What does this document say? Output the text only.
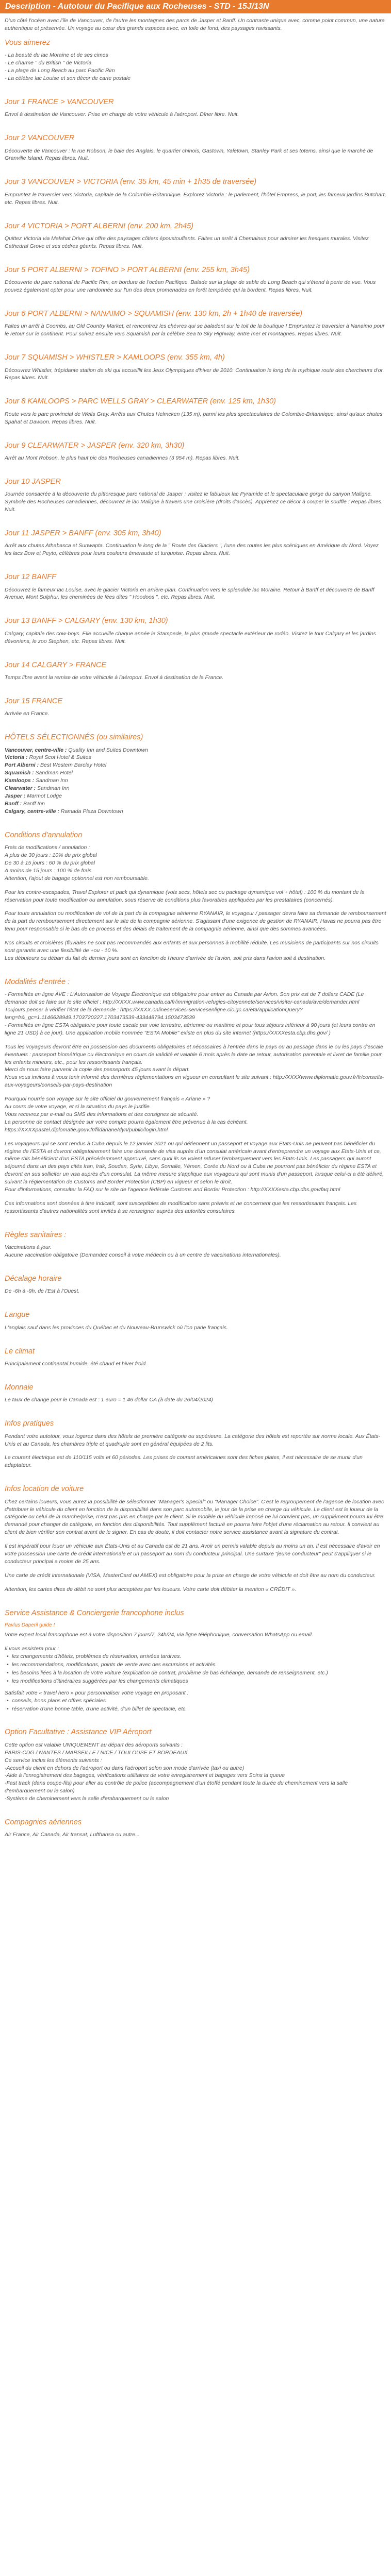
Description - Autotour du Pacifique aux Rocheuses - STD - 15J/13N

D'un côté l'océan avec l'île de Vancouver, de l'autre les montagnes des parcs de Jasper et Banff. Un contraste unique avec, comme point commun, une nature authentique et préservée. Un voyage au cœur des grands espaces avec, en toile de fond, des paysages ravissants.

Vous aimerez

- La beauté du lac Moraine et de ses cimes

- Le charme " du British " de Victoria

- La plage de Long Beach au parc Pacific Rim

- La célèbre lac Louise et son décor de carte postale

Jour 1 FRANCE > VANCOUVER

Envol à destination de Vancouver. Prise en charge de votre véhicule à l'aéroport. Dîner libre. Nuit.

Jour 2 VANCOUVER

Découverte de Vancouver : la rue Robson, le baie des Anglais, le quartier chinois, Gastown, Yaletown, Stanley Park et ses totems, ainsi que le marché de Granville Island. Repas libres. Nuit.

Jour 3 VANCOUVER > VICTORIA (env. 35 km, 45 min + 1h35 de traversée)

Empruntez le traversier vers Victoria, capitale de la Colombie-Britannique. Explorez Victoria : le parlement, l'hôtel Empress, le port, les fameux jardins Butchart, etc. Repas libres. Nuit.

Jour 4 VICTORIA > PORT ALBERNI (env. 200 km, 2h45)

Quittez Victoria via Malahat Drive qui offre des paysages côtiers époustouflants. Faites un arrêt à Chemainus pour admirer les fresques murales. Visitez Cathedral Grove et ses cèdres géants. Repas libres. Nuit.

Jour 5 PORT ALBERNI > TOFINO > PORT ALBERNI (env. 255 km, 3h45)

Découverte du parc national de Pacific Rim, en bordure de l'océan Pacifique. Balade sur la plage de sable de Long Beach qui s'étend à perte de vue. Vous pouvez également opter pour une randonnée sur l'un des deux promenades en forêt tempérée qui la bordent. Repas libres. Nuit.

Jour 6 PORT ALBERNI > NANAIMO > SQUAMISH (env. 130 km, 2h + 1h40 de traversée)

Faites un arrêt à Coombs, au Old Country Market, et rencontrez les chèvres qui se baladent sur le toit de la boutique ! Empruntez le traversier à Nanaimo pour le retour sur le continent. Pour suivez ensuite vers Squamish par la célèbre Sea to Sky Highway, entre mer et montagnes. Repas libres. Nuit.

Jour 7 SQUAMISH > WHISTLER > KAMLOOPS (env. 355 km, 4h)

Découvrez Whistler, trépidante station de ski qui accueillit les Jeux Olympiques d'hiver de 2010. Continuation le long de la mythique route des chercheurs d'or. Repas libres. Nuit.

Jour 8 KAMLOOPS > PARC WELLS GRAY > CLEARWATER (env. 125 km, 1h30)

Route vers le parc provincial de Wells Gray. Arrêts aux Chutes Helmcken (135 m), parmi les plus spectaculaires de Colombie-Britannique, ainsi qu'aux chutes Spahat et Dawson. Repas libres. Nuit.

Jour 9 CLEARWATER > JASPER (env. 320 km, 3h30)

Arrêt au Mont Robson, le plus haut pic des Rocheuses canadiennes (3 954 m). Repas libres. Nuit.

Jour 10 JASPER

Journée consacrée à la découverte du pittoresque parc national de Jasper : visitez le fabuleux lac Pyramide et le spectaculaire gorge du canyon Maligne. Symbole des Rocheuses canadiennes, découvrez le lac Maligne à travers une croisière (droits d'accès). Apprenez ce décor à couper le souffle ! Repas libres. Nuit.

Jour 11 JASPER > BANFF (env. 305 km, 3h40)

Arrêt aux chutes Athabasca et Sunwapta. Continuation le long de la " Route des Glaciers ", l'une des routes les plus scéniques en Amérique du Nord. Voyez les lacs Bow et Peyto, célèbres pour leurs couleurs émeraude et turquoise. Repas libres. Nuit.

Jour 12 BANFF

Découvrez le fameux lac Louise, avec le glacier Victoria en arrière-plan. Continuation vers le splendide lac Moraine. Retour à Banff et découverte de Banff Avenue, Mont Sulphur, les cheminées de fées dites " Hoodoos ", etc. Repas libres. Nuit.

Jour 13 BANFF > CALGARY (env. 130 km, 1h30)

Calgary, capitale des cow-boys. Elle accueille chaque année le Stampede, la plus grande spectacle extérieur de rodéo. Visitez le tour Calgary et les jardins dévoniens, le zoo Stephen, etc. Repas libres. Nuit.

Jour 14 CALGARY > FRANCE

Temps libre avant la remise de votre véhicule à l'aéroport. Envol à destination de la France.

Jour 15 FRANCE

Arrivée en France.

HÔTELS SÉLECTIONNÉS (ou similaires)

Vancouver, centre-ville : Quality Inn and Suites Downtown

Victoria : Royal Scot Hotel & Suites

Port Alberni : Best Western Barclay Hotel

Squamish : Sandman Hotel

Kamloops : Sandman Inn

Clearwater : Sandman Inn

Jasper : Marmot Lodge

Banff : Banff Inn

Calgary, centre-ville : Ramada Plaza Downtown

Conditions d'annulation

Frais de modifications / annulation :

A plus de 30 jours : 10% du prix global

De 30 à 15 jours : 60 % du prix global

A moins de 15 jours : 100 % de frais

Attention, l'ajout de bagage optionnel est non remboursable.

Pour les contre-escapades, Travel Explorer et pack qui dynamique (vols secs, hôtels sec ou package dynamique vol + hôtel) : 100 % du montant de la réservation pour toute modification ou annulation, sous réserve de conditions plus favorables appliquées par les prestataires (concernés).

Pour toute annulation ou modification de vol de la part de la compagnie aérienne RYANAIR, le voyageur / passager devra faire sa demande de remboursement de la part du remboursement directement sur le site de la compagnie aérienne. S'agissant d'une exigence de gestion de RYANAIR, Havas ne pourra pas être tenu pour responsable si le bas de ce process et des délais de traitement de la compagnie aérienne, ainsi que des sommes avancées.

Nos circuits et croisières (fluviales ne sont pas recommandés aux enfants et aux personnes à mobilité réduite. Les musiciens de participants sur nos circuits sont garantis avec une flexibilité de +ou - 10 %.

Les débuteurs ou débarr du fait de dernier jours sont en fonction de l'heure d'arrivée de l'avion, soit pris dans l'avion soit à destination.

Modalités d'entrée :

- Formalités en ligne AVE : L'Autorisation de Voyage Électronique est obligatoire pour entrer au Canada par Avion. Son prix est de 7 dollars CADE (Le demande doit se faire sur le site officiel : http://XXXX.www.canada.ca/fr/immigration-refugies-citoyennete/services/visiter-canada/ave/demander.html

Toujours penser à vérifier l'état de la demande : https://XXXX.onlineservices-servicesenligne.cic.gc.ca/eta/applicationQuery?lang=fr&_gc=1.1146628949.1703720227.1703473539-433448794.1503473539

- Formalités en ligne ESTA obligatoire pour toute escale par voie terrestre, aérienne ou maritime et pour tous séjours inférieur à 90 jours (et leurs contre en ligne 21 USD) à ce jour). Une application mobile nommée "ESTA Mobile" existe en plus du site internet (https://XXXXesta.cbp.dhs.gov/ )

Tous les voyageurs devront être en possession des documents obligatoires et nécessaires à l'entrée dans le pays ou au passage dans le ou les pays d'escale éventuels : passeport biométrique ou électronique en cours de validité et valable 6 mois après la date de retour, autorisation parentale et livret de famille pour les enfants mineurs, etc., pour les ressortissants français.

Merci de nous faire parvenir la copie des passeports 45 jours avant le départ.

Nous vous invitons à vous tenir informé des dernières réglementations en vigueur en consultant le site suivant : http://XXXXwww.diplomatie.gouv.fr/fr/conseils-aux-voyageurs/conseils-par-pays-destination

Pourquoi nourrie son voyage sur le site officiel du gouvernement français « Ariane » ?

Au cours de votre voyage, et si la situation du pays le justifie.

Vous recevrez par e-mail ou SMS des informations et des consignes de sécurité.

La personne de contact désignée sur votre compte pourra également être prévenue à la cas échéant.

https://XXXXpastel.diplomatie.gouv.fr/fildariane/dyn/public/login.html

Les voyageurs qui se sont rendus à Cuba depuis le 12 janvier 2021 ou qui détiennent un passeport et voyage aux Etats-Unis ne peuvent pas bénéficier du régime de l'ESTA et devront obligatoirement faire une demande de visa auprès d'un consulat américain avant d'entreprendre un voyage aux Etats-Unis et ce, même s'ils bénéficient d'un ESTA précédemment approuvé, sans quoi ils se voient refuser l'embarquement vers les Etats-Unis. Les passagers qui auront séjourné dans un des pays cités Iran, Irak, Soudan, Syrie, Libye, Somalie, Yémen, Corée du Nord ou à Cuba ne pourront pas bénéficier du régime ESTA et devront en sus solliciter un visa auprès d'un consulat. La même mesure s'applique aux voyageurs qui sont munis d'un passeport, lorsque celui-ci a été délivré, suivant la réglementation de Customs and Border Protection (CBP) en vigueur et selon le droit.

Pour d'informations, consulter la FAQ sur le site de l'agence fédérale Customs and Border Protection : http://XXXXesta.cbp.dhs.gov/faq.html

Ces informations sont données à titre indicatif, sont susceptibles de modification sans préavis et ne concernent que les ressortissants français. Les ressortissants d'autres nationalités sont invités à se renseigner auprès des autorités consulaires.

Règles sanitaires :

Vaccinations à jour.

Aucune vaccination obligatoire (Demandez conseil à votre médecin ou à un centre de vaccinations internationales).

Décalage horaire

De -6h à -9h, de l'Est à l'Ouest.

Langue

L'anglais sauf dans les provinces du Québec et du Nouveau-Brunswick où l'on parle français.

Le climat

Principalement continental humide, été chaud et hiver froid.

Monnaie

Le taux de change pour le Canada est : 1 euro = 1.46 dollar CA (à date du 26/04/2024)

Infos pratiques

Pendant votre autotour, vous logerez dans des hôtels de première catégorie ou supérieure. La catégorie des hôtels est reportée sur norme locale. Aux États-Unis et au Canada, les chambres triple et quadruple sont en général équipées de 2 lits.

Le courant électrique est de 110/115 volts et 60 périodes. Les prises de courant américaines sont des fiches plates, il est nécessaire de se munir d'un adaptateur.

Infos location de voiture

Chez certains loueurs, vous aurez la possibilité de sélectionner "Manager's Special" ou "Manager Choice". C'est le regroupement de l'agence de location avec d'attribuer le véhicule du client en fonction de la disponibilité dans son parc automobile, le jour de la prise en charge du véhicule. Le client est le loueur de la catégorie ou celui de la marche/prise, n'est pas pris en charge par le client. Si le modèle du véhicule imposé ne lui convient pas, un supplément pourra lui être demandé pour changer de catégorie, en fonction des disponibilités. Tout supplément facturé en pourra faire l'objet d'une réclamation au retour. Il convient au client de bien vérifier son contrat avant de le signer. En cas de doute, il doit contacter notre service assistance avant la signature du contrat.

Il est impératif pour louer un véhicule aux États-Unis et au Canada est de 21 ans. Avoir un permis valable depuis au moins un an. Il est nécessaire d'avoir en votre possession une carte de crédit internationale et un passeport au nom du conducteur principal. Une surtaxe "jeune conducteur" peut s'appliquer si le conducteur principal a moins de 25 ans.

Une carte de crédit internationale (VISA, MasterCard ou AMEX) est obligatoire pour la prise en charge de votre véhicule et doit être au nom du conducteur.

Attention, les cartes dites de débit ne sont plus acceptées par les loueurs. Votre carte doit débiter la mention « CRÉDIT ».

Service Assistance & Conciergerie francophone inclus
Pavlus Daperil guide !

Votre expert local francophone est à votre disposition 7 jours/7, 24h/24, via ligne téléphonique, conversation WhatsApp ou email.

Il vous assistera pour :

• les changements d'hôtels, problèmes de réservation, arrivées tardives.
• les recommandations, modifications, points de vente avec des excursions et activités.
• les besoins liées à la location de votre voiture (explication de contrat, problème de bas échéange, demande de renseignement, etc.)
• les modifications d'itinéraires suggérées par les changements climatiques

Satisfait votre « travel hero » pour personnaliser votre voyage en proposant :

• conseils, bons plans et offres spéciales
• réservation d'une bonne table, d'une activité, d'un billet de spectacle, etc.
Option Facultative : Assistance VIP Aéroport

Cette option est valable UNIQUEMENT au départ des aéroports suivants :

PARIS-CDG / NANTES / MARSEILLE / NICE / TOULOUSE ET BORDEAUX

Ce service inclus les éléments suivants :

-Accueil du client en dehors de l'aéroport ou dans l'aéroport selon son mode d'arrivée (taxi ou autre)

-Aide à l'enregistrement des bagages, vérifications utilitaires de votre enregistrement et bagages vers Soins la queue

-Fast track (dans coupe-fils) pour aller au contrôle de police (accompagnement d'un étoffé pendant toute la durée du cheminement vers la salle d'embarquement ou le salon)

-Système de cheminement vers la salle d'embarquement ou le salon

Compagnies aériennes

Air France, Air Canada, Air transat, Lufthansa ou autre...
